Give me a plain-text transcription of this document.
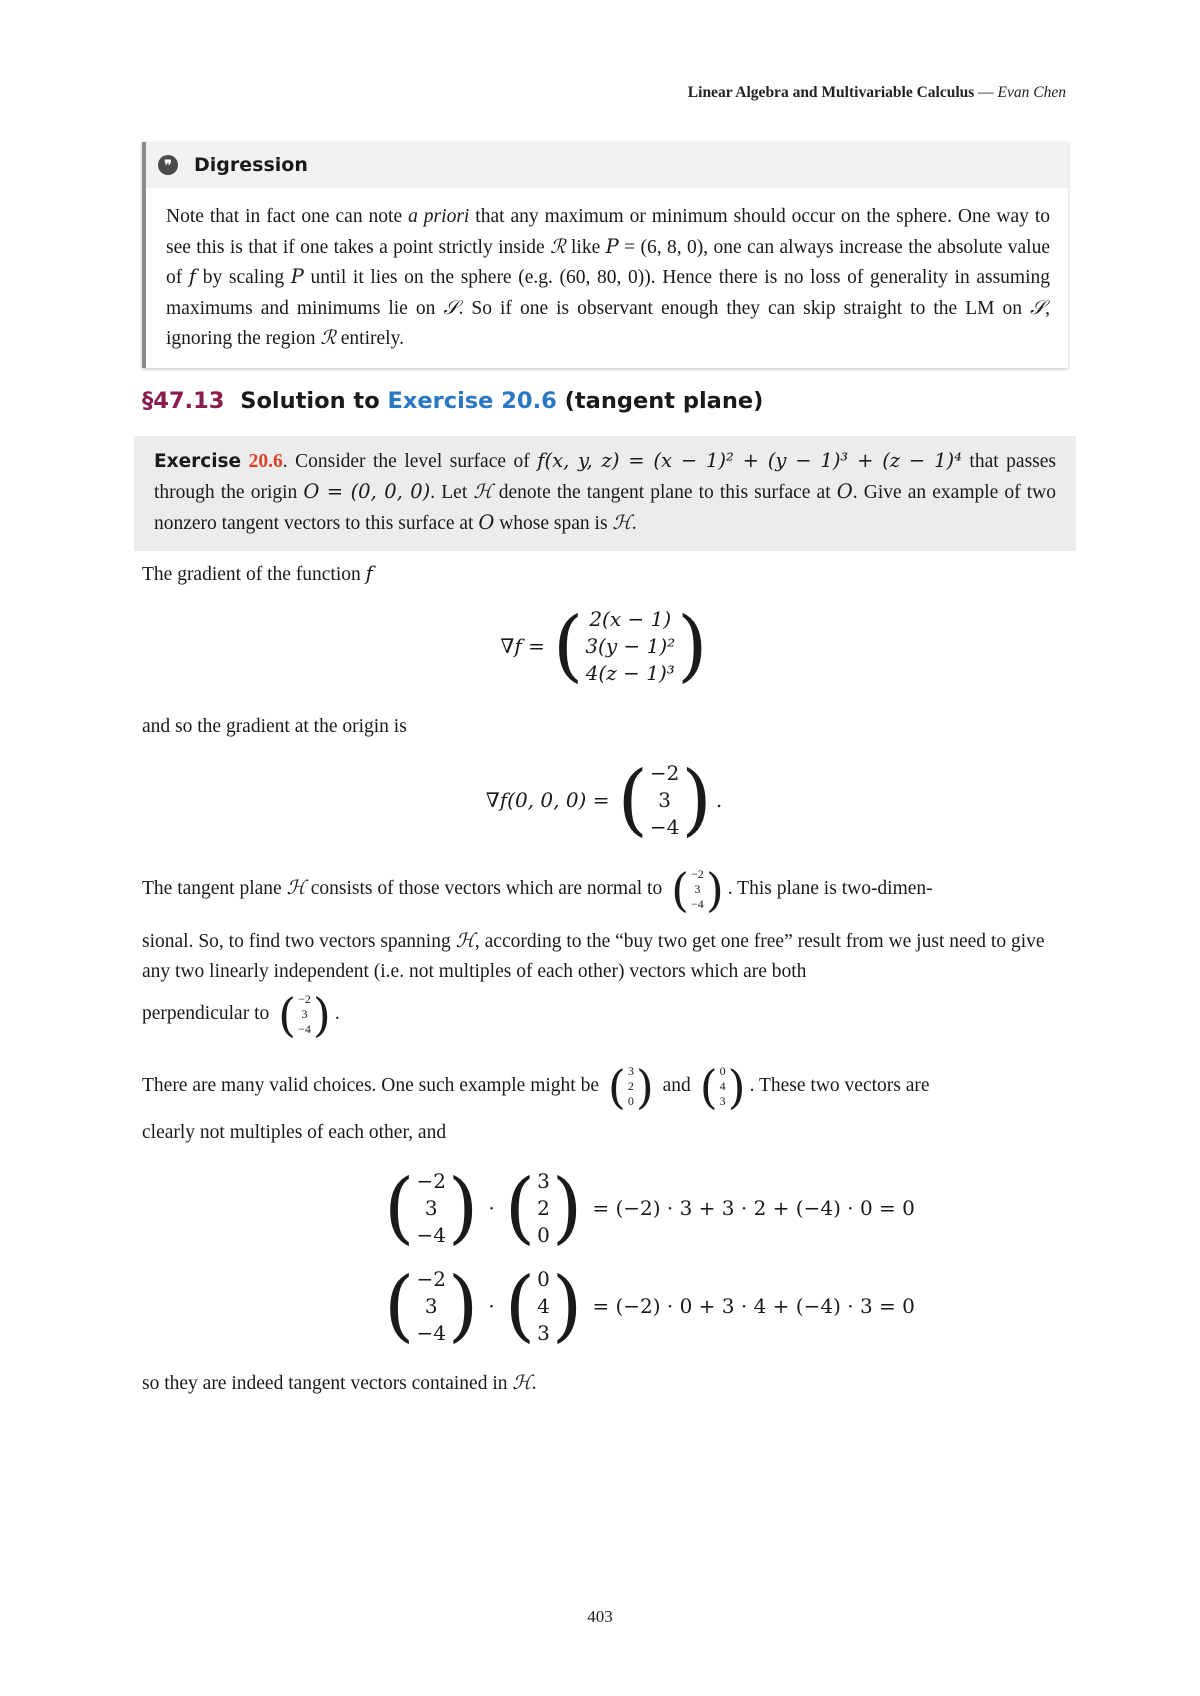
Linear Algebra and Multivariable Calculus — Evan Chen
❞	Digression
Note that in fact one can note a priori that any maximum or minimum should occur on the sphere. One way to see this is that if one takes a point strictly inside ℛ like P = (6, 8, 0), one can always increase the absolute value of f by scaling P until it lies on the sphere (e.g. (60, 80, 0)). Hence there is no loss of generality in assuming maximums and minimums lie on 𝒮. So if one is observant enough they can skip straight to the LM on 𝒮, ignoring the region ℛ entirely.
§47.13 Solution to Exercise 20.6 (tangent plane)
Exercise 20.6. Consider the level surface of f(x, y, z) = (x − 1)² + (y − 1)³ + (z − 1)⁴ that passes through the origin O = (0, 0, 0). Let ℋ denote the tangent plane to this surface at O. Give an example of two nonzero tangent vectors to this surface at O whose span is ℋ.
The gradient of the function f
∇f = ( 2(x − 1)
3(y − 1)²
4(z − 1)³ )
and so the gradient at the origin is
∇f(0, 0, 0) = ( −2
3
−4 ) .
The tangent plane ℋ consists of those vectors which are normal to ( −2
3
−4 ) . This plane is two-dimen-
sional. So, to find two vectors spanning ℋ, according to the “buy two get one free” result from we just need to give any two linearly independent (i.e. not multiples of each other) vectors which are both
perpendicular to ( −2
3
−4 ) .
There are many valid choices. One such example might be ( 3
2
0 ) and ( 0
4
3 ) . These two vectors are
clearly not multiples of each other, and
( −2
3
−4 ) · ( 3
2
0 ) = (−2) · 3 + 3 · 2 + (−4) · 0 = 0
( −2
3
−4 ) · ( 0
4
3 ) = (−2) · 0 + 3 · 4 + (−4) · 3 = 0
so they are indeed tangent vectors contained in ℋ.
403
